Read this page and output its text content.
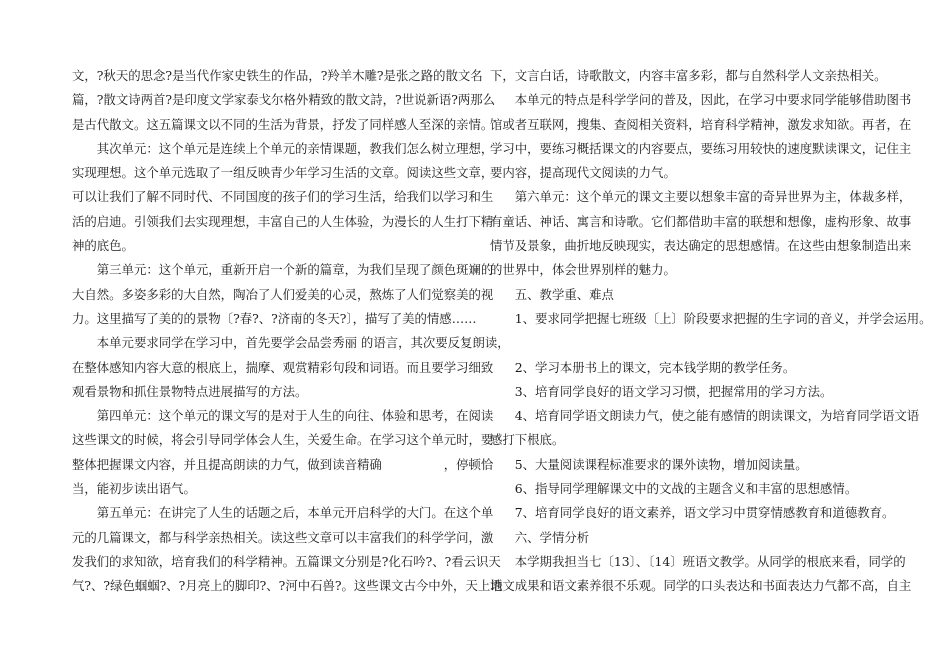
文，?秋天的思念?是当代作家史铁生的作品，?羚羊木雕?是张之路的散文名
篇，?散文诗两首?是印度文学家泰戈尔格外精致的散文詩，?世说新语?两那么
是古代散文。这五篇课文以不同的生活为背景，抒发了同样感人至深的亲情。
　　其次单元：这个单元是连续上个单元的亲情课题，教我们怎么树立理想，
实现理想。这个单元选取了一组反映青少年学习生活的文章。阅读这些文章，
可以让我们了解不同时代、不同国度的孩子们的学习生活，给我们以学习和生
活的启迪。引领我们去实现理想，丰富自己的人生体验，为漫长的人生打下精
神的底色。
　　第三单元：这个单元，重新开启一个新的篇章，为我们呈现了颜色斑斓的
大自然。多姿多彩的大自然，陶冶了人们爱美的心灵，熬炼了人们觉察美的视
力。这里描写了美的的景物〔?春?、?济南的冬天?〕，描写了美的情感……
　　本单元要求同学在学习中，首先要学会品尝秀丽 的语言，其次要反复朗读，
在整体感知内容大意的根底上，揣摩、观赏精彩句段和词语。而且要学习细致
观看景物和抓住景物特点进展描写的方法。
　　第四单元：这个单元的课文写的是对于人生的向往、体验和思考，在阅读
这些课文的时候，将会引导同学体会人生，关爱生命。在学习这个单元时，要
整体把握课文内容，并且提高朗读的力气，做到读音精确　　　　　，停顿恰
当，能初步读出语气。
　　第五单元：在讲完了人生的话题之后，本单元开启科学的大门。在这个单
元的几篇课文，都与科学亲热相关。读这些文章可以丰富我们的科学学问，激
发我们的求知欲，培育我们的科学精神。五篇课文分别是?化石吟?、?看云识天
气?、?绿色蝈蝈?、?月亮上的脚印?、?河中石兽?。这些课文古今中外，天上地
下，文言白话，诗歌散文，内容丰富多彩，都与自然科学人文亲热相关。
　　本单元的特点是科学学问的普及，因此，在学习中要求同学能够借助图书
馆或者互联网，搜集、查阅相关资料，培育科学精神，激发求知欲。再者，在
学习中，要练习概括课文的内容要点，要练习用较快的速度默读课文，记住主
要内容，提高现代文阅读的力气。
　　第六单元：这个单元的课文主要以想象丰富的奇异世界为主，体裁多样，
有童话、神话、寓言和诗歌。它们都借助丰富的联想和想像，虚构形象、故事
情节及景象，曲折地反映现实，表达确定的思想感情。在这些由想象制造出来
的世界中，体会世界别样的魅力。
　　五、教学重、难点
　　1、要求同学把握七班级〔上〕阶段要求把握的生字词的音义，并学会运用。
　　2、学习本册书上的课文，完本钱学期的教学任务。
　　3、培育同学良好的语文学习习惯，把握常用的学习方法。
　　4、培育同学语文朗读力气，使之能有感情的朗读课文，为培育同学语文语
感打下根底。
　　5、大量阅读课程标准要求的课外读物，增加阅读量。
　　6、指导同学理解课文中的文战的主题含义和丰富的思想感情。
　　7、培育同学良好的语文素养，语文学习中贯穿情感教育和道德教育。
　　六、学情分析
　　本学期我担当七〔13〕、〔14〕班语文教学。从同学的根底来看，同学的
语文成果和语文素养很不乐观。同学的口头表达和书面表达力气都不高，自主
